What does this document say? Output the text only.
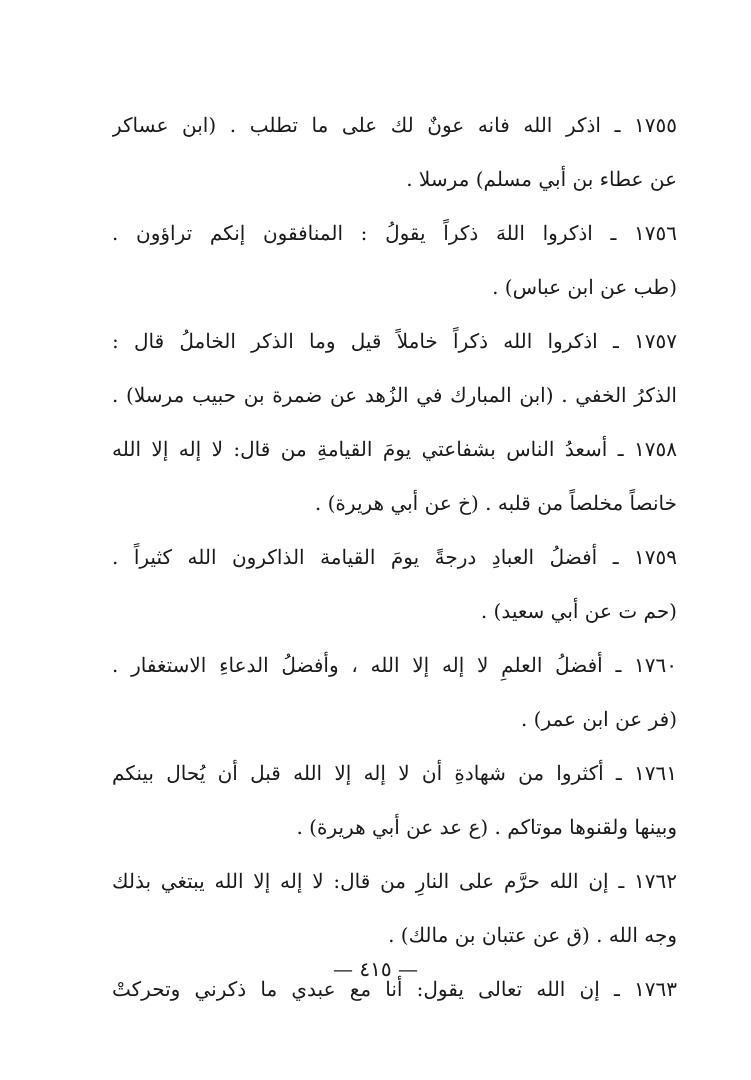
١٧٥٥ ـ اذكر الله فانه عونٌ لك على ما تطلب . (ابن عساكر
عن عطاء بن أبي مسلم) مرسلا .
١٧٥٦ ـ اذكروا اللهَ ذكراً يقولُ : المنافقون إنكم تراؤون .
(طب عن ابن عباس) .
١٧٥٧ ـ اذكروا الله ذكراً خاملاً قيل وما الذكر الخاملُ قال :
الذكرُ الخفي . (ابن المبارك في الزُهد عن ضمرة بن حبيب مرسلا) .
١٧٥٨ ـ أسعدُ الناس بشفاعتي يومَ القيامةِ من قال: لا إله إلا الله
خانصاً مخلصاً من قلبه . (خ عن أبي هريرة) .
١٧٥٩ ـ أفضلُ العبادِ درجةً يومَ القيامة الذاكرون الله كثيراً .
(حم ت عن أبي سعيد) .
١٧٦٠ ـ أفضلُ العلمِ لا إله إلا الله ، وأفضلُ الدعاءِ الاستغفار .
(فر عن ابن عمر) .
١٧٦١ ـ أكثروا من شهادةِ أن لا إله إلا الله قبل أن يُحال بينكم
وبينها ولقنوها موتاكم . (ع عد عن أبي هريرة) .
١٧٦٢ ـ إن الله حرَّم على النارِ من قال: لا إله إلا الله يبتغي بذلك
وجه الله . (ق عن عتبان بن مالك) .
١٧٦٣ ـ إن الله تعالى يقول: أنا مع عبدي ما ذكرني وتحركتْ
— ٤١٥ —
